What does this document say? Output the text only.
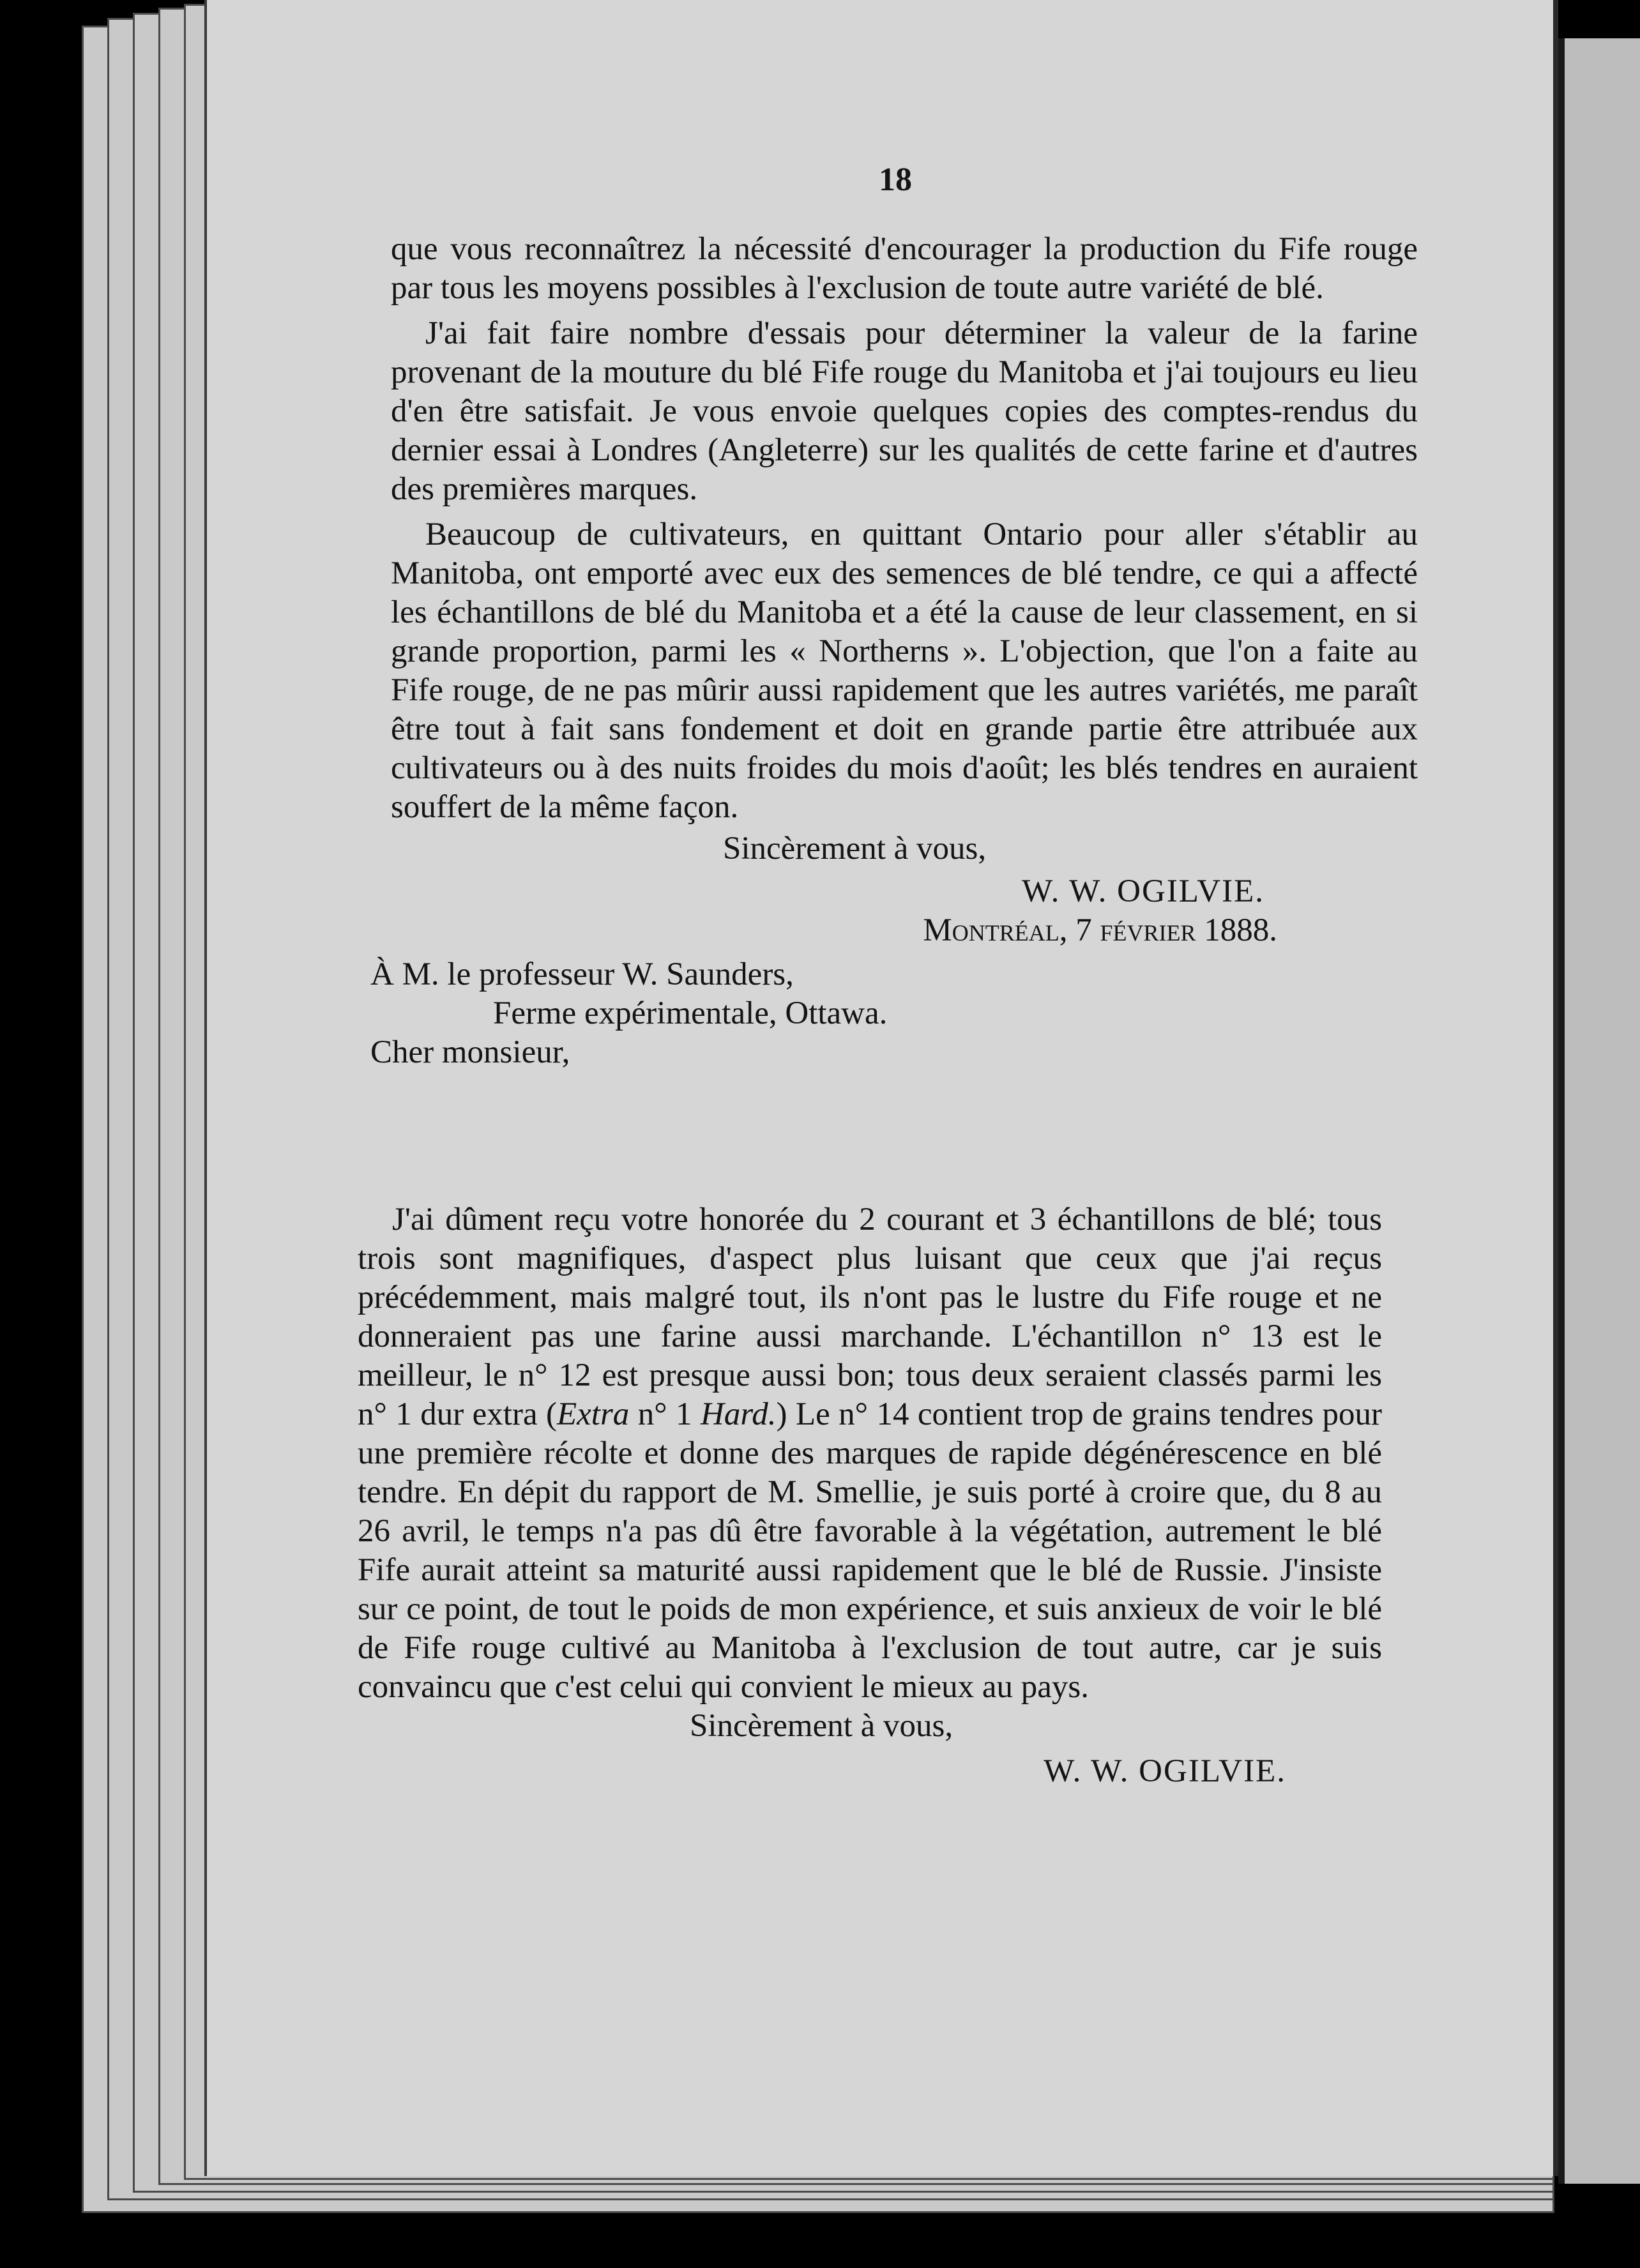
18

que vous reconnaîtrez la nécessité d'encourager la production du Fife rouge par tous les moyens possibles à l'exclusion de toute autre variété de blé.

J'ai fait faire nombre d'essais pour déterminer la valeur de la farine provenant de la mouture du blé Fife rouge du Manitoba et j'ai toujours eu lieu d'en être satisfait. Je vous envoie quelques copies des comptes-rendus du dernier essai à Londres (Angleterre) sur les qualités de cette farine et d'autres des premières marques.

Beaucoup de cultivateurs, en quittant Ontario pour aller s'établir au Manitoba, ont emporté avec eux des semences de blé tendre, ce qui a affecté les échantillons de blé du Manitoba et a été la cause de leur classement, en si grande proportion, parmi les « Northerns ». L'objection, que l'on a faite au Fife rouge, de ne pas mûrir aussi rapidement que les autres variétés, me paraît être tout à fait sans fondement et doit en grande partie être attribuée aux cultivateurs ou à des nuits froides du mois d'août; les blés tendres en auraient souffert de la même façon.

Sincèrement à vous,
W. W. OGILVIE.
Montréal, 7 février 1888.
À M. le professeur W. Saunders,
Ferme expérimentale, Ottawa.
Cher monsieur,

J'ai dûment reçu votre honorée du 2 courant et 3 échantillons de blé; tous trois sont magnifiques, d'aspect plus luisant que ceux que j'ai reçus précédemment, mais malgré tout, ils n'ont pas le lustre du Fife rouge et ne donneraient pas une farine aussi marchande. L'échantillon n° 13 est le meilleur, le n° 12 est presque aussi bon; tous deux seraient classés parmi les n° 1 dur extra (Extra n° 1 Hard.) Le n° 14 contient trop de grains tendres pour une première récolte et donne des marques de rapide dégénérescence en blé tendre. En dépit du rapport de M. Smellie, je suis porté à croire que, du 8 au 26 avril, le temps n'a pas dû être favorable à la végétation, autrement le blé Fife aurait atteint sa maturité aussi rapidement que le blé de Russie. J'insiste sur ce point, de tout le poids de mon expérience, et suis anxieux de voir le blé de Fife rouge cultivé au Manitoba à l'exclusion de tout autre, car je suis convaincu que c'est celui qui convient le mieux au pays.

Sincèrement à vous,
W. W. OGILVIE.
